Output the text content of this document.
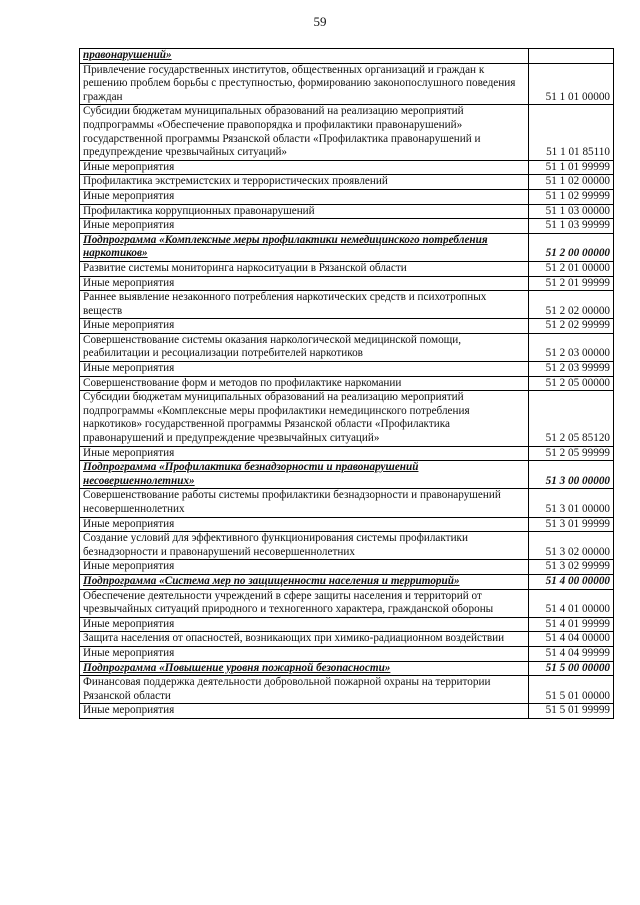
59
правонарушений»	
Привлечение государственных институтов, общественных организаций и граждан к решению проблем борьбы с преступностью, формированию законопослушного поведения граждан	51 1 01 00000
Субсидии бюджетам муниципальных образований на реализацию мероприятий подпрограммы «Обеспечение правопорядка и профилактики правонарушений» государственной программы Рязанской области «Профилактика правонарушений и предупреждение чрезвычайных ситуаций»	51 1 01 85110
Иные мероприятия	51 1 01 99999
Профилактика экстремистских и террористических проявлений	51 1 02 00000
Иные мероприятия	51 1 02 99999
Профилактика коррупционных правонарушений	51 1 03 00000
Иные мероприятия	51 1 03 99999
Подпрограмма «Комплексные меры профилактики немедицинского потребления наркотиков»	51 2 00 00000
Развитие системы мониторинга наркоситуации в Рязанской области	51 2 01 00000
Иные мероприятия	51 2 01 99999
Раннее выявление незаконного потребления наркотических средств и психотропных веществ	51 2 02 00000
Иные мероприятия	51 2 02 99999
Совершенствование системы оказания наркологической медицинской помощи, реабилитации и ресоциализации потребителей наркотиков	51 2 03 00000
Иные мероприятия	51 2 03 99999
Совершенствование форм и методов по профилактике наркомании	51 2 05 00000
Субсидии бюджетам муниципальных образований на реализацию мероприятий подпрограммы «Комплексные меры профилактики немедицинского потребления наркотиков» государственной программы Рязанской области «Профилактика правонарушений и предупреждение чрезвычайных ситуаций»	51 2 05 85120
Иные мероприятия	51 2 05 99999
Подпрограмма «Профилактика безнадзорности и правонарушений несовершеннолетних»	51 3 00 00000
Совершенствование работы системы профилактики безнадзорности и правонарушений несовершеннолетних	51 3 01 00000
Иные мероприятия	51 3 01 99999
Создание условий для эффективного функционирования системы профилактики безнадзорности и правонарушений несовершеннолетних	51 3 02 00000
Иные мероприятия	51 3 02 99999
Подпрограмма «Система мер по защищенности населения и территорий»	51 4 00 00000
Обеспечение деятельности учреждений в сфере защиты населения и территорий от чрезвычайных ситуаций природного и техногенного характера, гражданской обороны	51 4 01 00000
Иные мероприятия	51 4 01 99999
Защита населения от опасностей, возникающих при химико-радиационном воздействии	51 4 04 00000
Иные мероприятия	51 4 04 99999
Подпрограмма «Повышение уровня пожарной безопасности»	51 5 00 00000
Финансовая поддержка деятельности добровольной пожарной охраны на территории Рязанской области	51 5 01 00000
Иные мероприятия	51 5 01 99999
